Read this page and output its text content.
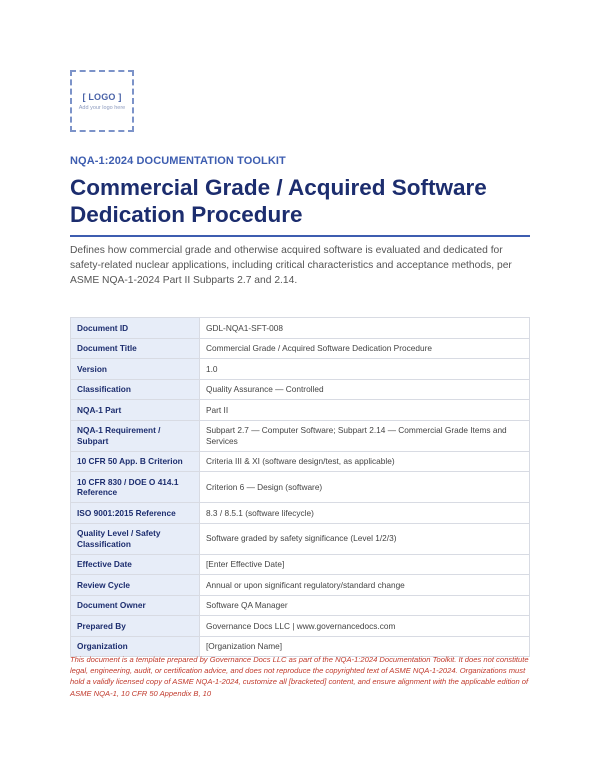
[ LOGO ]
Add your logo here
NQA-1:2024 DOCUMENTATION TOOLKIT
Commercial Grade / Acquired Software Dedication Procedure
Defines how commercial grade and otherwise acquired software is evaluated and dedicated for safety-related nuclear applications, including critical characteristics and acceptance methods, per ASME NQA-1-2024 Part II Subparts 2.7 and 2.14.
Document ID	GDL-NQA1-SFT-008
Document Title	Commercial Grade / Acquired Software Dedication Procedure
Version	1.0
Classification	Quality Assurance — Controlled
NQA-1 Part	Part II
NQA-1 Requirement / Subpart	Subpart 2.7 — Computer Software; Subpart 2.14 — Commercial Grade Items and Services
10 CFR 50 App. B Criterion	Criteria III & XI (software design/test, as applicable)
10 CFR 830 / DOE O 414.1 Reference	Criterion 6 — Design (software)
ISO 9001:2015 Reference	8.3 / 8.5.1 (software lifecycle)
Quality Level / Safety Classification	Software graded by safety significance (Level 1/2/3)
Effective Date	[Enter Effective Date]
Review Cycle	Annual or upon significant regulatory/standard change
Document Owner	Software QA Manager
Prepared By	Governance Docs LLC | www.governancedocs.com
Organization	[Organization Name]
This document is a template prepared by Governance Docs LLC as part of the NQA-1:2024 Documentation Toolkit. It does not constitute legal, engineering, audit, or certification advice, and does not reproduce the copyrighted text of ASME NQA-1-2024. Organizations must hold a validly licensed copy of ASME NQA-1-2024, customize all [bracketed] content, and ensure alignment with the applicable edition of ASME NQA-1, 10 CFR 50 Appendix B, 10
